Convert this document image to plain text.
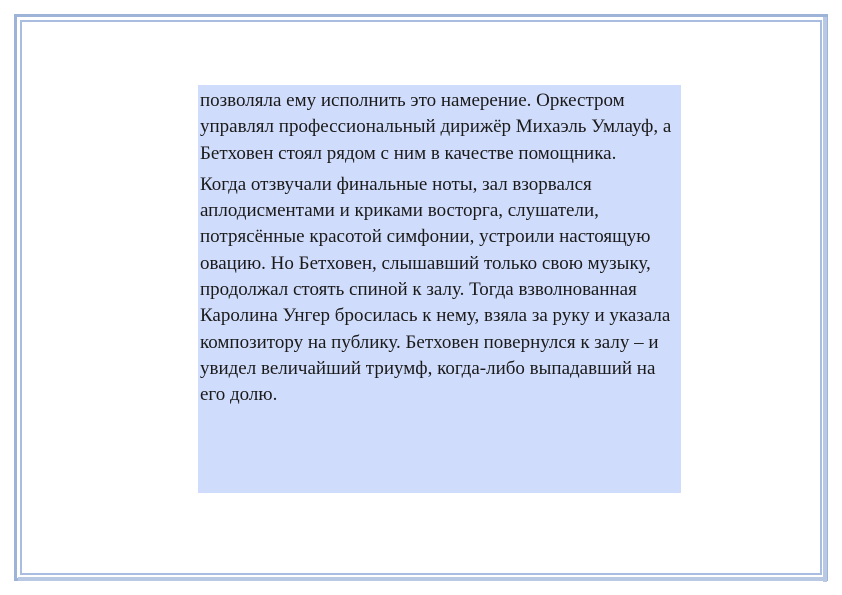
позволяла ему исполнить это намерение. Оркестром управлял профессиональный дирижёр Михаэль Умлауф, а Бетховен стоял рядом с ним в качестве помощника.

Когда отзвучали финальные ноты, зал взорвался аплодисментами и криками восторга, слушатели, потрясённые красотой симфонии, устроили настоящую овацию. Но Бетховен, слышавший только свою музыку, продолжал стоять спиной к залу. Тогда взволнованная Каролина Унгер бросилась к нему, взяла за руку и указала композитору на публику. Бетховен повернулся к залу – и увидел величайший триумф, когда-либо выпадавший на его долю.
